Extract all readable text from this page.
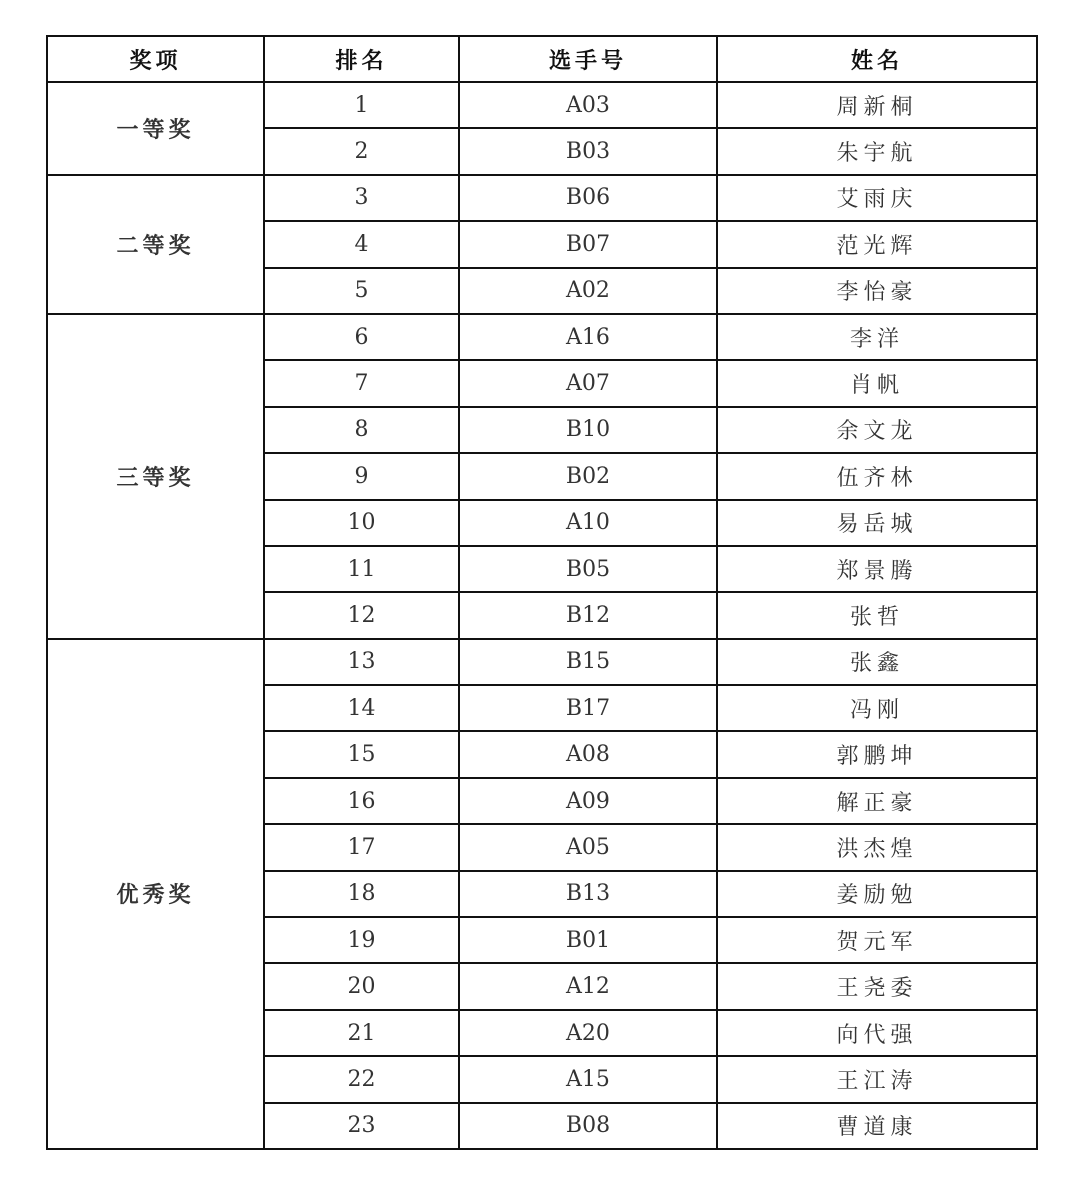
奖项	排名	选手号	姓名
一等奖	1	A03	周新桐
	2	B03	朱宇航
二等奖	3	B06	艾雨庆
	4	B07	范光辉
	5	A02	李怡豪
三等奖	6	A16	李洋
	7	A07	肖帆
	8	B10	余文龙
	9	B02	伍齐林
	10	A10	易岳城
	11	B05	郑景腾
	12	B12	张哲
优秀奖	13	B15	张鑫
	14	B17	冯刚
	15	A08	郭鹏坤
	16	A09	解正豪
	17	A05	洪杰煌
	18	B13	姜励勉
	19	B01	贺元军
	20	A12	王尧委
	21	A20	向代强
	22	A15	王江涛
	23	B08	曹道康
